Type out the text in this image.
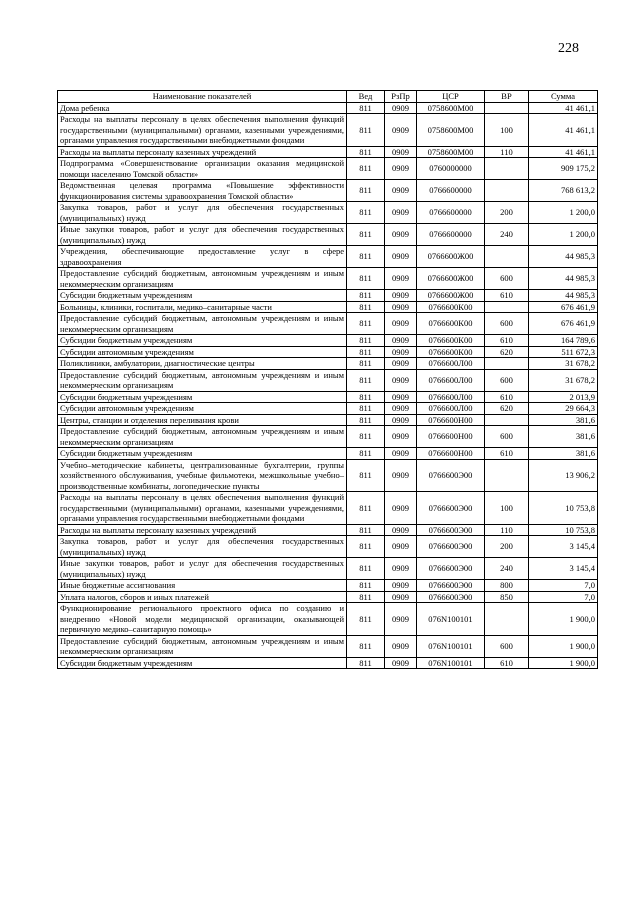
228
Наименование показателей	Вед	РзПр	ЦСР	ВР	Сумма
Дома ребенка	811	0909	0758600М00		41 461,1
Расходы на выплаты персоналу в целях обеспечения выполнения функций государственными (муниципальными) органами, казенными учреждениями, органами управления государственными внебюджетными фондами	811	0909	0758600М00	100	41 461,1
Расходы на выплаты персоналу казенных учреждений	811	0909	0758600М00	110	41 461,1
Подпрограмма «Совершенствование организации оказания медицинской помощи населению Томской области»	811	0909	0760000000		909 175,2
Ведомственная целевая программа «Повышение эффективности функционирования системы здравоохранения Томской области»	811	0909	0766600000		768 613,2
Закупка товаров, работ и услуг для обеспечения государственных (муниципальных) нужд	811	0909	0766600000	200	1 200,0
Иные закупки товаров, работ и услуг для обеспечения государственных (муниципальных) нужд	811	0909	0766600000	240	1 200,0
Учреждения, обеспечивающие предоставление услуг в сфере здравоохранения	811	0909	0766600Ж00		44 985,3
Предоставление субсидий бюджетным, автономным учреждениям и иным некоммерческим организациям	811	0909	0766600Ж00	600	44 985,3
Субсидии бюджетным учреждениям	811	0909	0766600Ж00	610	44 985,3
Больницы, клиники, госпитали, медико–санитарные части	811	0909	0766600К00		676 461,9
Предоставление субсидий бюджетным, автономным учреждениям и иным некоммерческим организациям	811	0909	0766600К00	600	676 461,9
Субсидии бюджетным учреждениям	811	0909	0766600К00	610	164 789,6
Субсидии автономным учреждениям	811	0909	0766600К00	620	511 672,3
Поликлиники, амбулатории, диагностические центры	811	0909	0766600Л00		31 678,2
Предоставление субсидий бюджетным, автономным учреждениям и иным некоммерческим организациям	811	0909	0766600Л00	600	31 678,2
Субсидии бюджетным учреждениям	811	0909	0766600Л00	610	2 013,9
Субсидии автономным учреждениям	811	0909	0766600Л00	620	29 664,3
Центры, станции и отделения переливания крови	811	0909	0766600Н00		381,6
Предоставление субсидий бюджетным, автономным учреждениям и иным некоммерческим организациям	811	0909	0766600Н00	600	381,6
Субсидии бюджетным учреждениям	811	0909	0766600Н00	610	381,6
Учебно–методические кабинеты, централизованные бухгалтерии, группы хозяйственного обслуживания, учебные фильмотеки, межшкольные учебно–производственные комбинаты, логопедические пункты	811	0909	0766600Э00		13 906,2
Расходы на выплаты персоналу в целях обеспечения выполнения функций государственными (муниципальными) органами, казенными учреждениями, органами управления государственными внебюджетными фондами	811	0909	0766600Э00	100	10 753,8
Расходы на выплаты персоналу казенных учреждений	811	0909	0766600Э00	110	10 753,8
Закупка товаров, работ и услуг для обеспечения государственных (муниципальных) нужд	811	0909	0766600Э00	200	3 145,4
Иные закупки товаров, работ и услуг для обеспечения государственных (муниципальных) нужд	811	0909	0766600Э00	240	3 145,4
Иные бюджетные ассигнования	811	0909	0766600Э00	800	7,0
Уплата налогов, сборов и иных платежей	811	0909	0766600Э00	850	7,0
Функционирование регионального проектного офиса по созданию и внедрению «Новой модели медицинской организации, оказывающей первичную медико–санитарную помощь»	811	0909	076N100101		1 900,0
Предоставление субсидий бюджетным, автономным учреждениям и иным некоммерческим организациям	811	0909	076N100101	600	1 900,0
Субсидии бюджетным учреждениям	811	0909	076N100101	610	1 900,0
